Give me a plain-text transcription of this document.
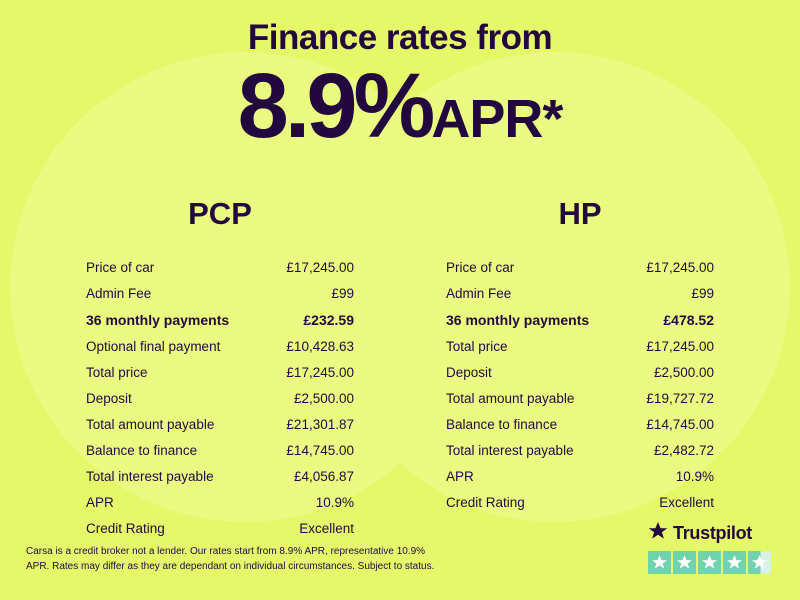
Finance rates from
8.9%APR*
PCP
Price of car	£17,245.00
Admin Fee	£99
36 monthly payments	£232.59
Optional final payment	£10,428.63
Total price	£17,245.00
Deposit	£2,500.00
Total amount payable	£21,301.87
Balance to finance	£14,745.00
Total interest payable	£4,056.87
APR	10.9%
Credit Rating	Excellent
HP
Price of car	£17,245.00
Admin Fee	£99
36 monthly payments	£478.52
Total price	£17,245.00
Deposit	£2,500.00
Total amount payable	£19,727.72
Balance to finance	£14,745.00
Total interest payable	£2,482.72
APR	10.9%
Credit Rating	Excellent
Carsa is a credit broker not a lender. Our rates start from 8.9% APR, representative 10.9% APR. Rates may differ as they are dependant on individual circumstances. Subject to status.
Trustpilot
